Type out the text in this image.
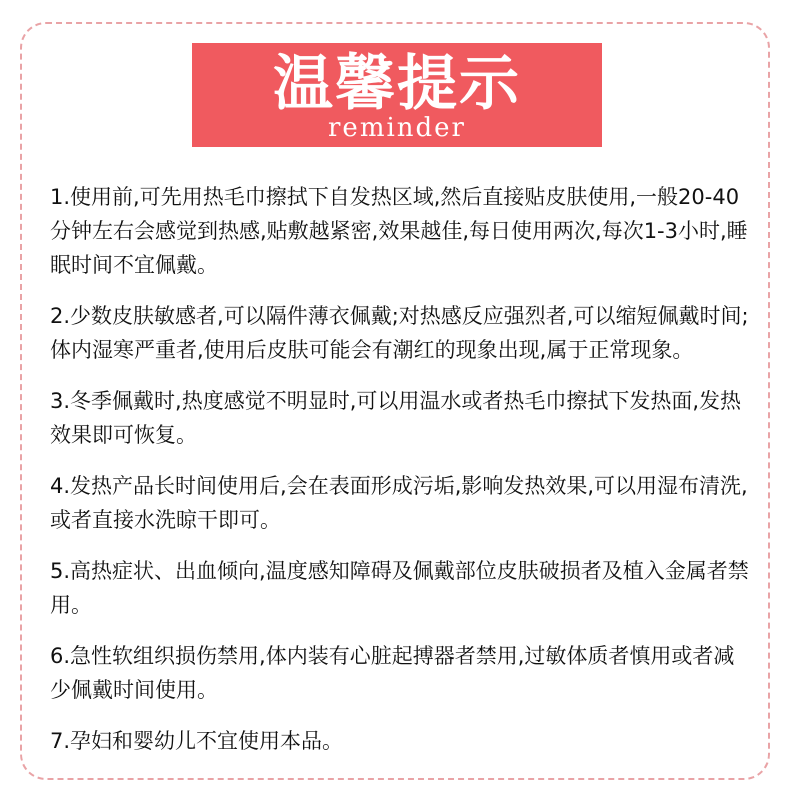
温馨提示
reminder

1.使用前,可先用热毛巾擦拭下自发热区域,然后直接贴皮肤使用,一般20-40分钟左右会感觉到热感,贴敷越紧密,效果越佳,每日使用两次,每次1-3小时,睡眠时间不宜佩戴。

2.少数皮肤敏感者,可以隔件薄衣佩戴;对热感反应强烈者,可以缩短佩戴时间;体内湿寒严重者,使用后皮肤可能会有潮红的现象出现,属于正常现象。

3.冬季佩戴时,热度感觉不明显时,可以用温水或者热毛巾擦拭下发热面,发热效果即可恢复。

4.发热产品长时间使用后,会在表面形成污垢,影响发热效果,可以用湿布清洗,或者直接水洗晾干即可。

5.高热症状、出血倾向,温度感知障碍及佩戴部位皮肤破损者及植入金属者禁用。

6.急性软组织损伤禁用,体内装有心脏起搏器者禁用,过敏体质者慎用或者减少佩戴时间使用。

7.孕妇和婴幼儿不宜使用本品。
